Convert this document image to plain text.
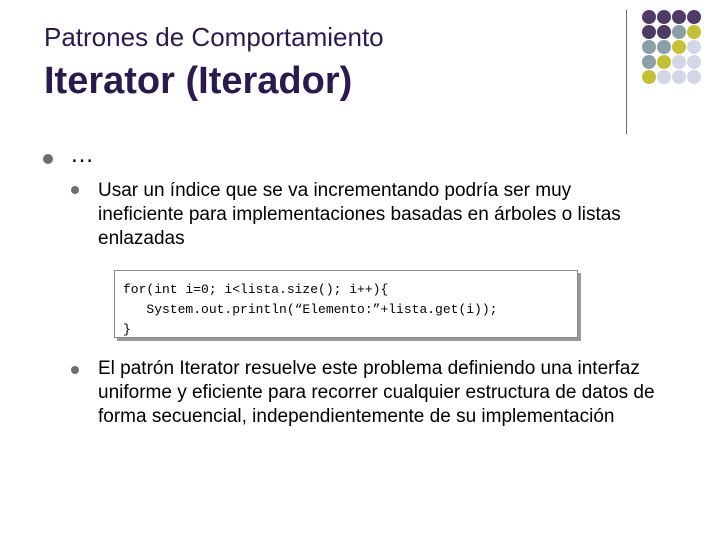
Patrones de Comportamiento
Iterator (Iterador)
…
Usar un índice que se va incrementando podría ser muy ineficiente para implementaciones basadas en árboles o listas enlazadas
for(int i=0; i<lista.size(); i++){
System.out.println(“Elemento:”+lista.get(i));
}
El patrón Iterator resuelve este problema definiendo una interfaz uniforme y eficiente para recorrer cualquier estructura de datos de forma secuencial, independientemente de su implementación
